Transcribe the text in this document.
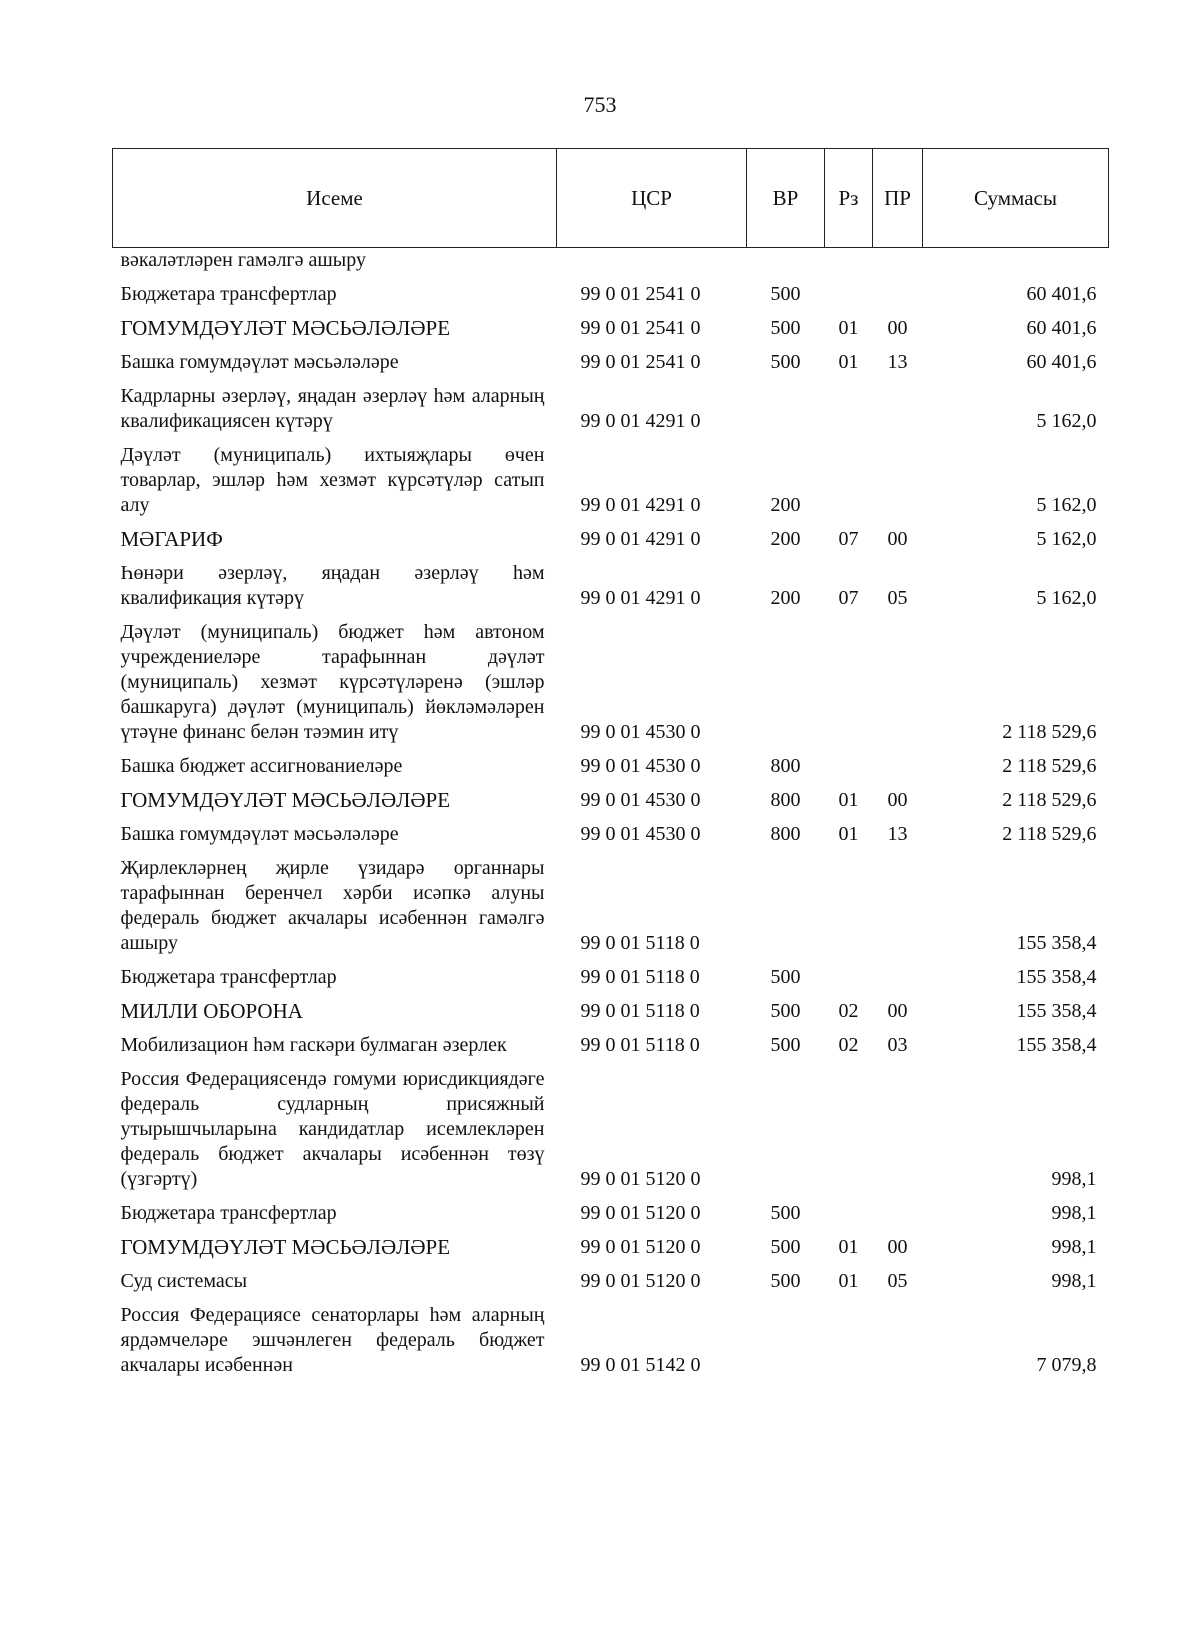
753
Исеме	ЦСР	ВР	Рз	ПР	Суммасы
вәкаләтләрен гамәлгә ашыру					
Бюджетара трансфертлар	99 0 01 2541 0	500			60 401,6
ГОМУМДӘҮЛӘТ МӘСЬӘЛӘЛӘРЕ	99 0 01 2541 0	500	01	00	60 401,6
Башка гомумдәүләт мәсьәләләре	99 0 01 2541 0	500	01	13	60 401,6
Кадрларны әзерләү, яңадан әзерләү һәм аларның квалификациясен күтәрү	99 0 01 4291 0				5 162,0
Дәүләт (муниципаль) ихтыяҗлары өчен товарлар, эшләр һәм хезмәт күрсәтүләр сатып алу	99 0 01 4291 0	200			5 162,0
МӘГАРИФ	99 0 01 4291 0	200	07	00	5 162,0
Һөнәри әзерләү, яңадан әзерләү һәм квалификация күтәрү	99 0 01 4291 0	200	07	05	5 162,0
Дәүләт (муниципаль) бюджет һәм автоном учреждениеләре тарафыннан дәүләт (муниципаль) хезмәт күрсәтүләренә (эшләр башкаруга) дәүләт (муниципаль) йөкләмәләрен үтәүне финанс белән тәэмин итү	99 0 01 4530 0				2 118 529,6
Башка бюджет ассигнованиеләре	99 0 01 4530 0	800			2 118 529,6
ГОМУМДӘҮЛӘТ МӘСЬӘЛӘЛӘРЕ	99 0 01 4530 0	800	01	00	2 118 529,6
Башка гомумдәүләт мәсьәләләре	99 0 01 4530 0	800	01	13	2 118 529,6
Җирлекләрнең җирле үзидарә органнары тарафыннан беренчел хәрби исәпкә алуны федераль бюджет акчалары исәбеннән гамәлгә ашыру	99 0 01 5118 0				155 358,4
Бюджетара трансфертлар	99 0 01 5118 0	500			155 358,4
МИЛЛИ ОБОРОНА	99 0 01 5118 0	500	02	00	155 358,4
Мобилизацион һәм гаскәри булмаган әзерлек	99 0 01 5118 0	500	02	03	155 358,4
Россия Федерациясендә гомуми юрисдикциядәге федераль судларның присяжный утырышчыларына кандидатлар исемлекләрен федераль бюджет акчалары исәбеннән төзү (үзгәртү)	99 0 01 5120 0				998,1
Бюджетара трансфертлар	99 0 01 5120 0	500			998,1
ГОМУМДӘҮЛӘТ МӘСЬӘЛӘЛӘРЕ	99 0 01 5120 0	500	01	00	998,1
Суд системасы	99 0 01 5120 0	500	01	05	998,1
Россия Федерациясе сенаторлары һәм аларның ярдәмчеләре эшчәнлеген федераль бюджет акчалары исәбеннән	99 0 01 5142 0				7 079,8
